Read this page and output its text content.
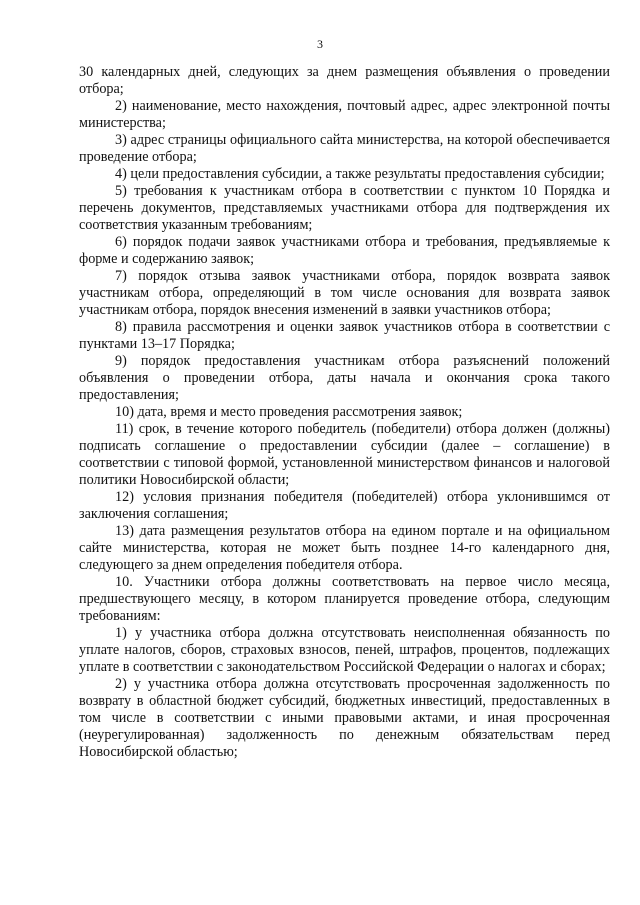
3

30 календарных дней, следующих за днем размещения объявления о проведении отбора;

2) наименование, место нахождения, почтовый адрес, адрес электронной почты министерства;

3) адрес страницы официального сайта министерства, на которой обеспечивается проведение отбора;

4) цели предоставления субсидии, а также результаты предоставления субсидии;

5) требования к участникам отбора в соответствии с пунктом 10 Порядка и перечень документов, представляемых участниками отбора для подтверждения их соответствия указанным требованиям;

6) порядок подачи заявок участниками отбора и требования, предъявляемые к форме и содержанию заявок;

7) порядок отзыва заявок участниками отбора, порядок возврата заявок участникам отбора, определяющий в том числе основания для возврата заявок участникам отбора, порядок внесения изменений в заявки участников отбора;

8) правила рассмотрения и оценки заявок участников отбора в соответствии с пунктами 13–17 Порядка;

9) порядок предоставления участникам отбора разъяснений положений объявления о проведении отбора, даты начала и окончания срока такого предоставления;

10) дата, время и место проведения рассмотрения заявок;

11) срок, в течение которого победитель (победители) отбора должен (должны) подписать соглашение о предоставлении субсидии (далее – соглашение) в соответствии с типовой формой, установленной министерством финансов и налоговой политики Новосибирской области;

12) условия признания победителя (победителей) отбора уклонившимся от заключения соглашения;

13) дата размещения результатов отбора на едином портале и на официальном сайте министерства, которая не может быть позднее 14-го календарного дня, следующего за днем определения победителя отбора.

10. Участники отбора должны соответствовать на первое число месяца, предшествующего месяцу, в котором планируется проведение отбора, следующим требованиям:

1) у участника отбора должна отсутствовать неисполненная обязанность по уплате налогов, сборов, страховых взносов, пеней, штрафов, процентов, подлежащих уплате в соответствии с законодательством Российской Федерации о налогах и сборах;

2) у участника отбора должна отсутствовать просроченная задолженность по возврату в областной бюджет субсидий, бюджетных инвестиций, предоставленных в том числе в соответствии с иными правовыми актами, и иная просроченная (неурегулированная) задолженность по денежным обязательствам перед Новосибирской областью;
